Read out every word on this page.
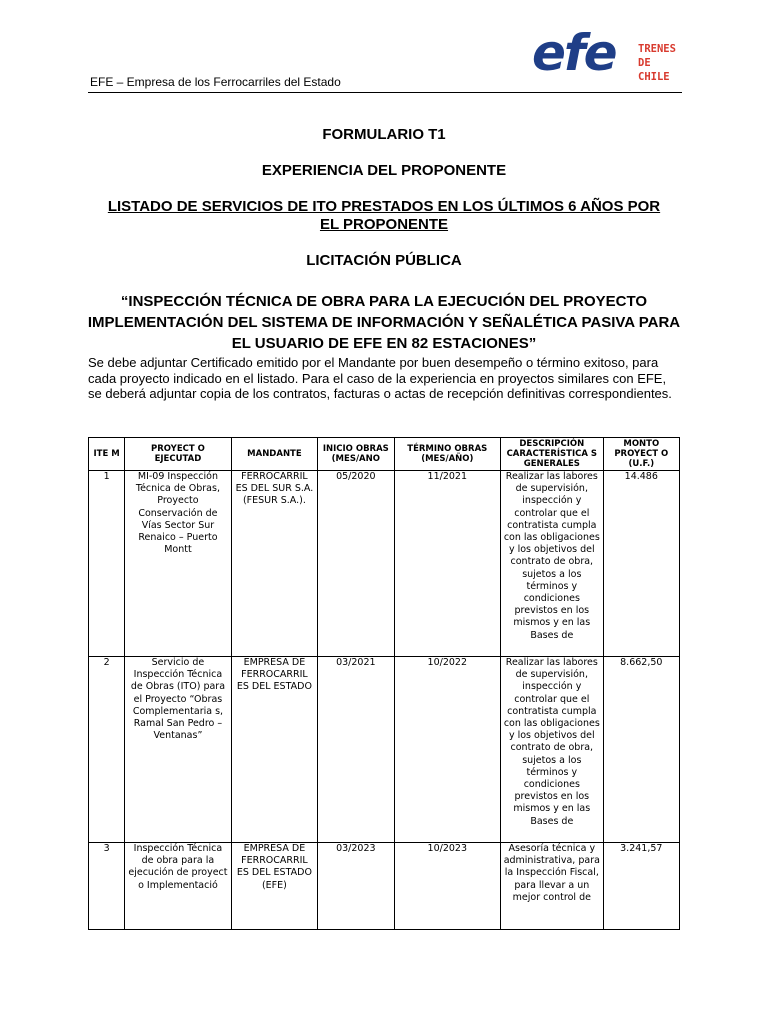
efe TRENES
DE
CHILE
EFE – Empresa de los Ferrocarriles del Estado
FORMULARIO T1
EXPERIENCIA DEL PROPONENTE
LISTADO DE SERVICIOS DE ITO PRESTADOS EN LOS ÚLTIMOS 6 AÑOS POR
EL PROPONENTE
LICITACIÓN PÚBLICA
“INSPECCIÓN TÉCNICA DE OBRA PARA LA EJECUCIÓN DEL PROYECTO IMPLEMENTACIÓN DEL SISTEMA DE INFORMACIÓN Y SEÑALÉTICA PASIVA PARA EL USUARIO DE EFE EN 82 ESTACIONES”
Se debe adjuntar Certificado emitido por el Mandante por buen desempeño o término exitoso, para cada proyecto indicado en el listado. Para el caso de la experiencia en proyectos similares con EFE, se deberá adjuntar copia de los contratos, facturas o actas de recepción definitivas correspondientes.
ITE M	PROYECT O EJECUTAD	MANDANTE	INICIO OBRAS (MES/ANO	TÉRMINO OBRAS (MES/AÑO)	DESCRIPCIÓN CARACTERÍSTICA S GENERALES	MONTO PROYECT O (U.F.)

1	MI-09 Inspección Técnica de Obras, Proyecto Conservación de Vías Sector Sur Renaico – Puerto Montt	FERROCARRIL ES DEL SUR S.A. (FESUR S.A.).	05/2020	11/2021	Realizar las labores de supervisión, inspección y controlar que el contratista cumpla con las obligaciones y los objetivos del contrato de obra, sujetos a los términos y condiciones previstos en los mismos y en las Bases de	14.486

2	Servicio de Inspección Técnica de Obras (ITO) para el Proyecto “Obras Complementaria s, Ramal San Pedro – Ventanas”	EMPRESA DE FERROCARRIL ES DEL ESTADO	03/2021	10/2022	Realizar las labores de supervisión, inspección y controlar que el contratista cumpla con las obligaciones y los objetivos del contrato de obra, sujetos a los términos y condiciones previstos en los mismos y en las Bases de	8.662,50

3	Inspección Técnica de obra para la ejecución de proyect o Implementació	EMPRESA DE FERROCARRIL ES DEL ESTADO (EFE)	03/2023	10/2023	Asesoría técnica y administrativa, para la Inspección Fiscal, para llevar a un mejor control de	3.241,57
